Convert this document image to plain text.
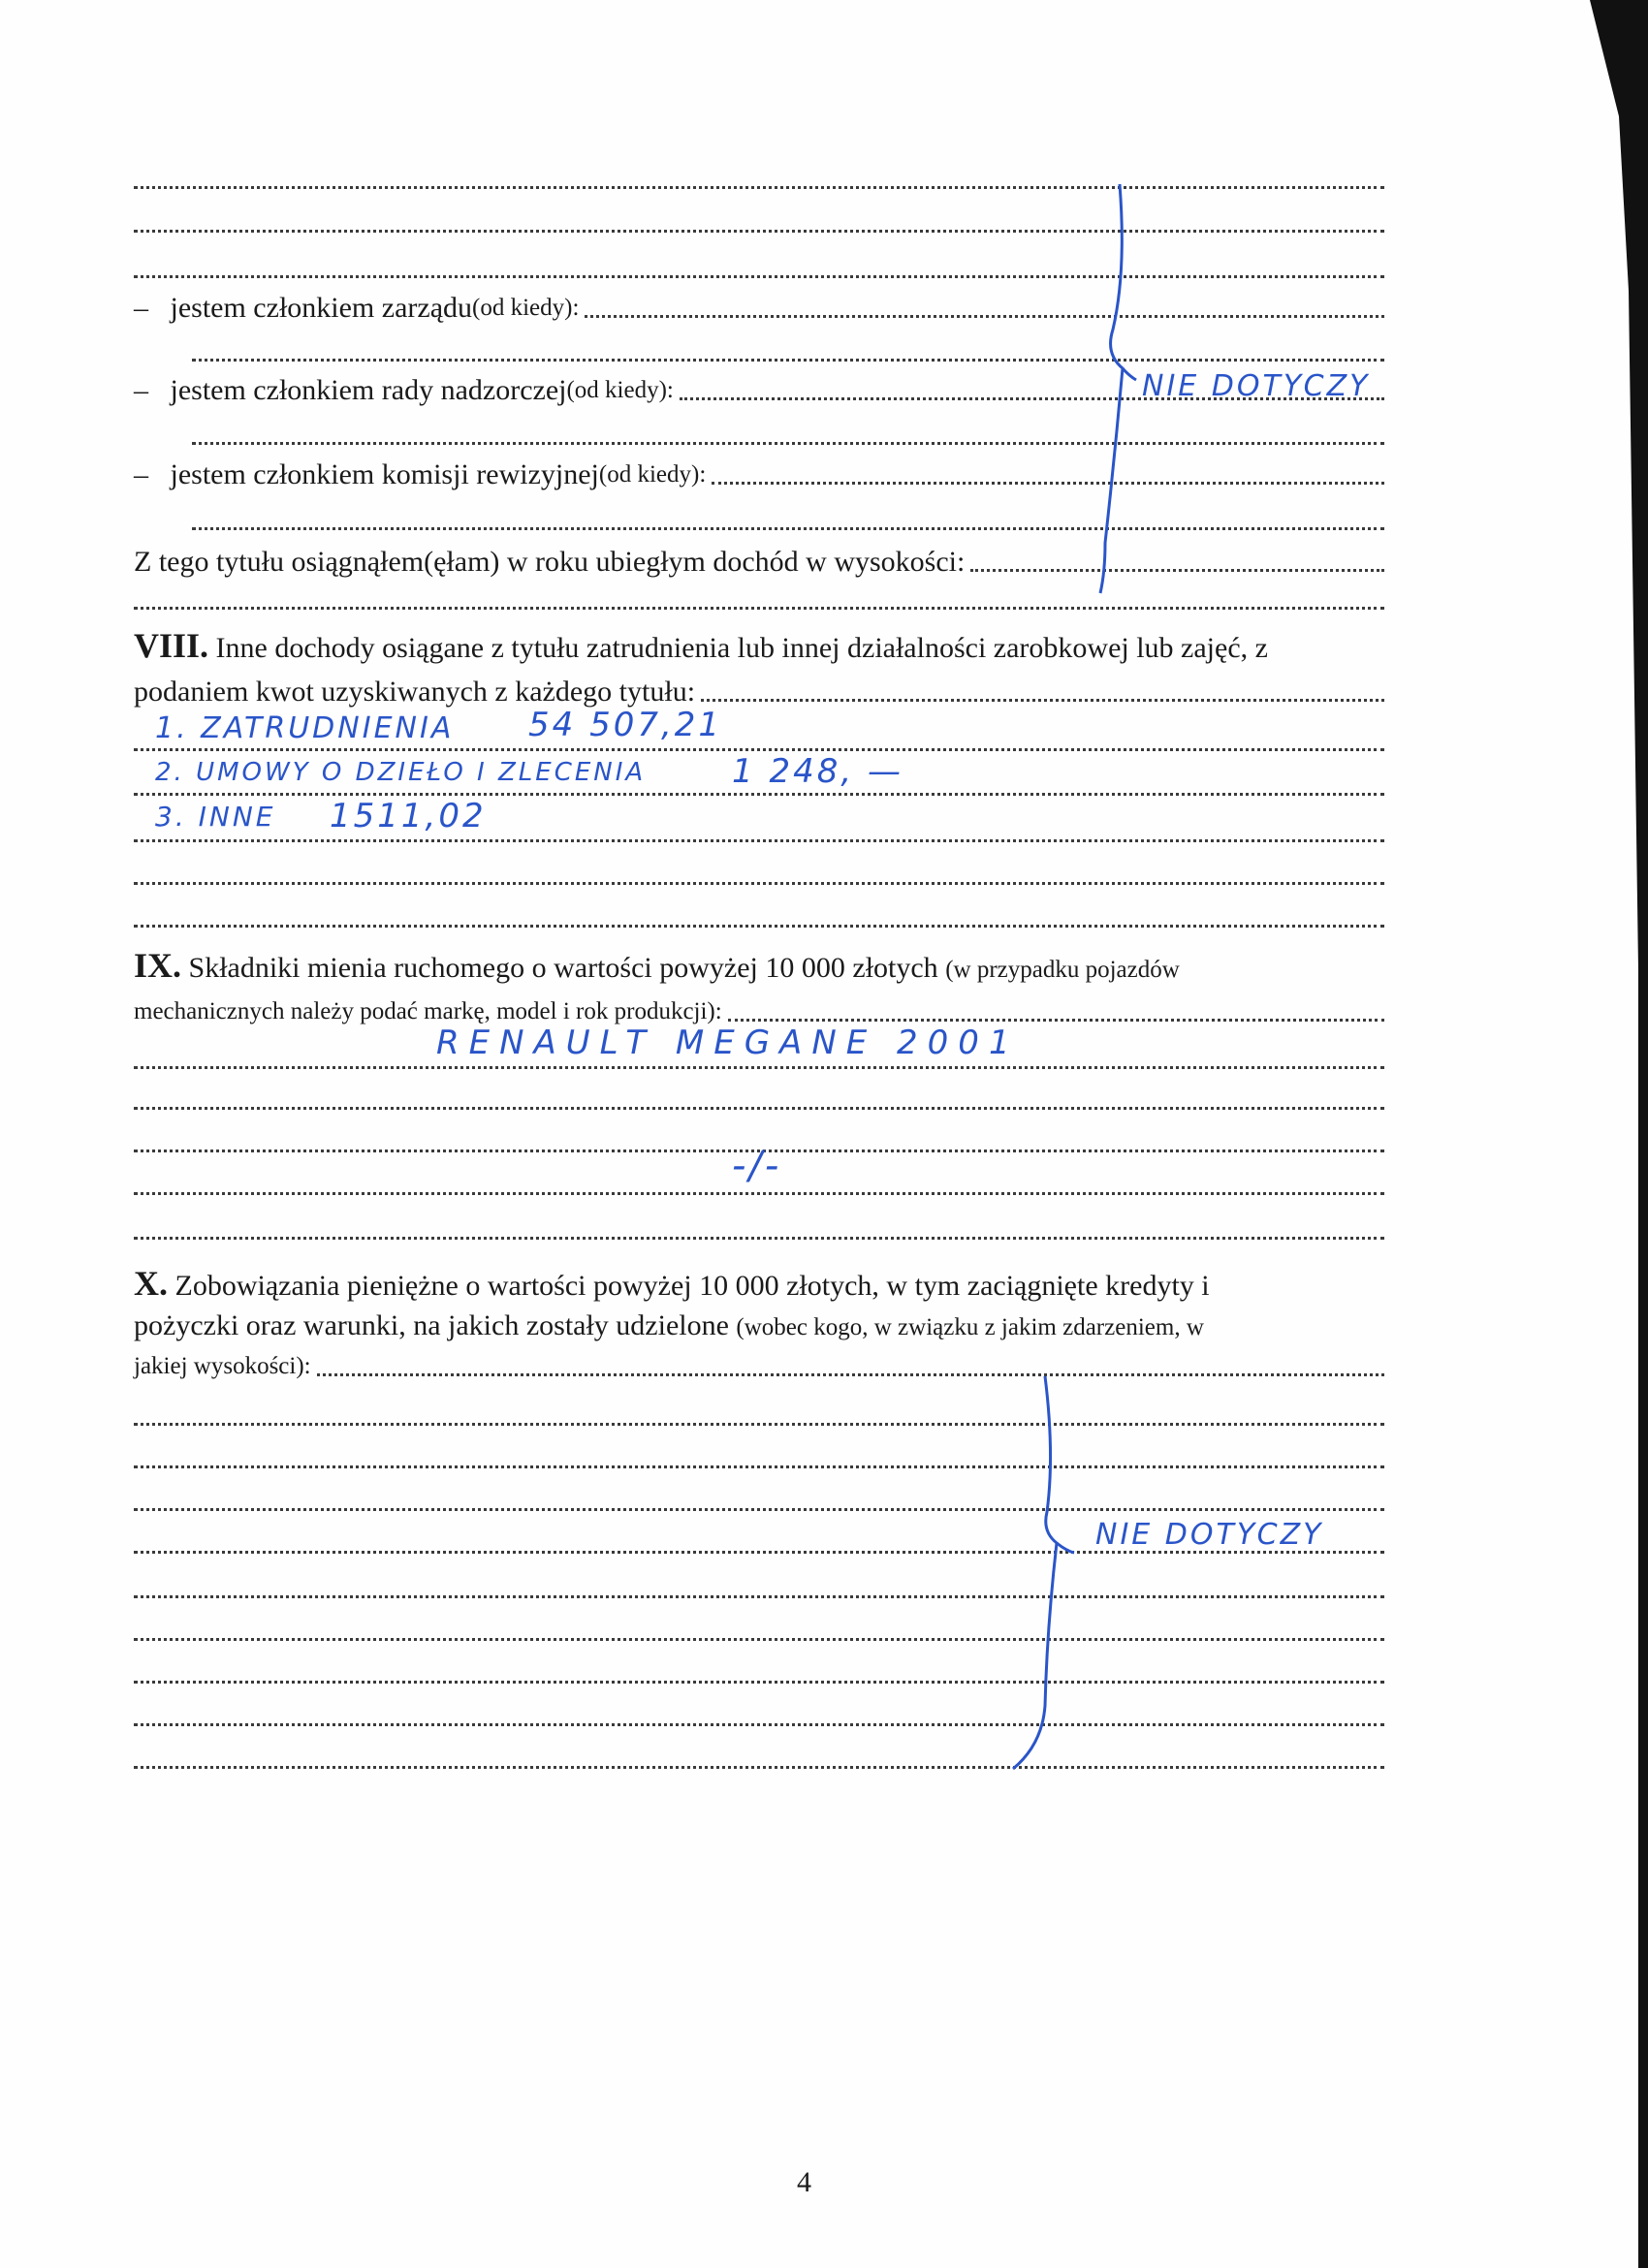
– jestem członkiem zarządu (od kiedy):
– jestem członkiem rady nadzorczej (od kiedy):
– jestem członkiem komisji rewizyjnej (od kiedy):
Z tego tytułu osiągnąłem(ęłam) w roku ubiegłym dochód w wysokości:
NIE DOTYCZY
VIII. Inne dochody osiągane z tytułu zatrudnienia lub innej działalności zarobkowej lub zajęć, z
podaniem kwot uzyskiwanych z każdego tytułu:
1. ZATRUDNIENIA 54 507,21
2. UMOWY O DZIEŁO I ZLECENIA	1 248, —
3. INNE 1511,02
IX. Składniki mienia ruchomego o wartości powyżej 10 000 złotych (w przypadku pojazdów
mechanicznych należy podać markę, model i rok produkcji):
RENAULT MEGANE 2001
-/-
X. Zobowiązania pieniężne o wartości powyżej 10 000 złotych, w tym zaciągnięte kredyty i
pożyczki oraz warunki, na jakich zostały udzielone (wobec kogo, w związku z jakim zdarzeniem, w
jakiej wysokości):
NIE DOTYCZY
4
